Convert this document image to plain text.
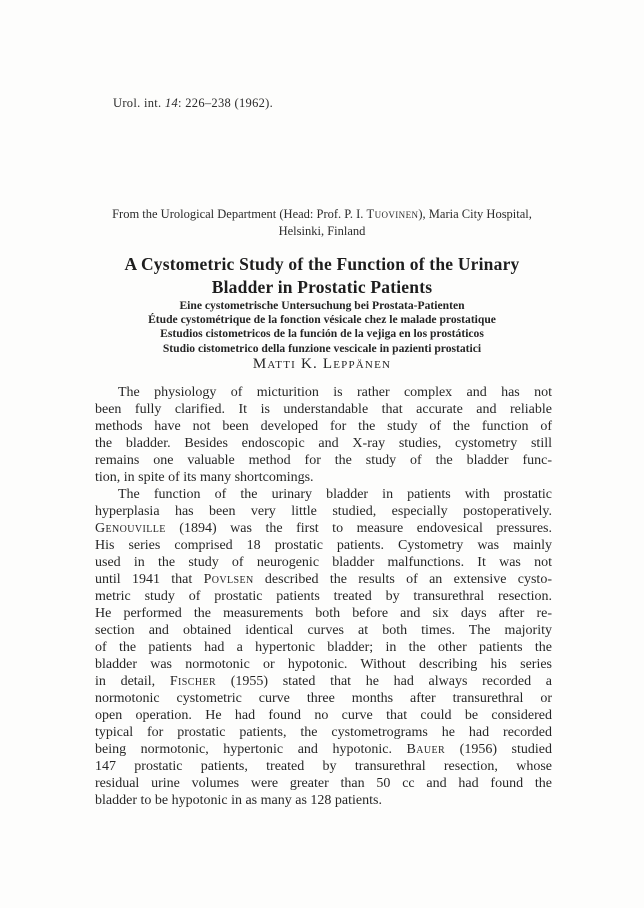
Urol. int. 14: 226–238 (1962).
From the Urological Department (Head: Prof. P. I. Tuovinen), Maria City Hospital,
Helsinki, Finland
A Cystometric Study of the Function of the Urinary
Bladder in Prostatic Patients
Eine cystometrische Untersuchung bei Prostata-Patienten
Étude cystométrique de la fonction vésicale chez le malade prostatique
Estudios cistometricos de la función de la vejiga en los prostáticos
Studio cistometrico della funzione vescicale in pazienti prostatici
Matti K. Leppänen
The physiology of micturition is rather complex and has not
been fully clarified. It is understandable that accurate and reliable
methods have not been developed for the study of the function of
the bladder. Besides endoscopic and X-ray studies, cystometry still
remains one valuable method for the study of the bladder func-
tion, in spite of its many shortcomings.
The function of the urinary bladder in patients with prostatic
hyperplasia has been very little studied, especially postoperatively.
Genouville (1894) was the first to measure endovesical pressures.
His series comprised 18 prostatic patients. Cystometry was mainly
used in the study of neurogenic bladder malfunctions. It was not
until 1941 that Povlsen described the results of an extensive cysto-
metric study of prostatic patients treated by transurethral resection.
He performed the measurements both before and six days after re-
section and obtained identical curves at both times. The majority
of the patients had a hypertonic bladder; in the other patients the
bladder was normotonic or hypotonic. Without describing his series
in detail, Fischer (1955) stated that he had always recorded a
normotonic cystometric curve three months after transurethral or
open operation. He had found no curve that could be considered
typical for prostatic patients, the cystometrograms he had recorded
being normotonic, hypertonic and hypotonic. Bauer (1956) studied
147 prostatic patients, treated by transurethral resection, whose
residual urine volumes were greater than 50 cc and had found the
bladder to be hypotonic in as many as 128 patients.
